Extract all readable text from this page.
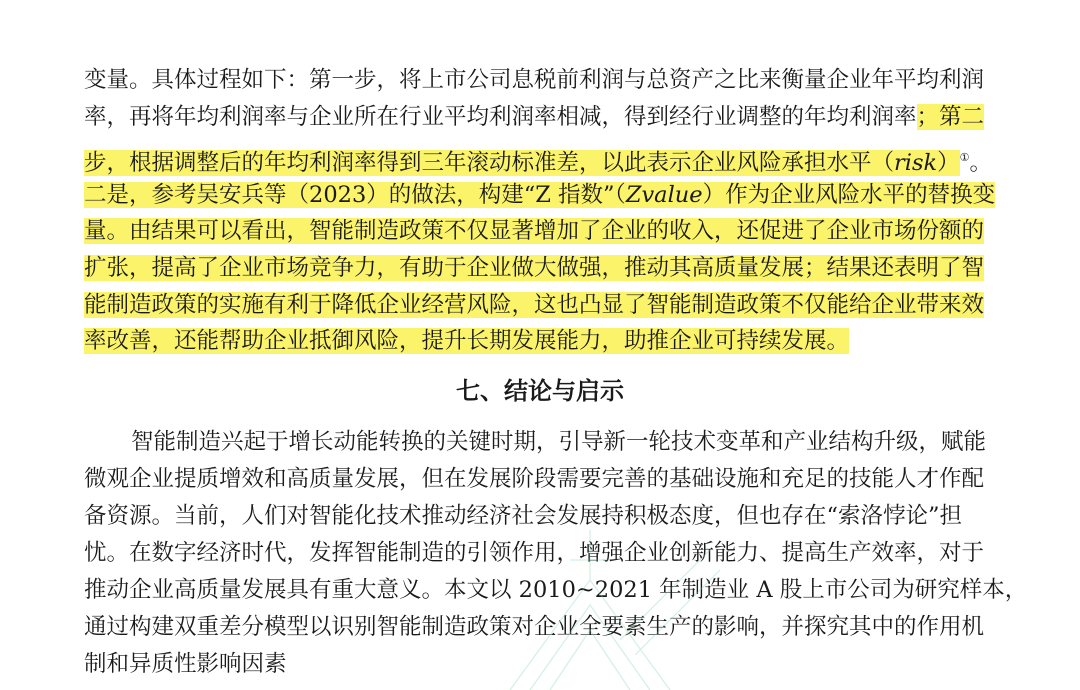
变量。具体过程如下：第一步，将上市公司息税前利润与总资产之比来衡量企业年平均利润
率，再将年均利润率与企业所在行业平均利润率相减，得到经行业调整的年均利润率；第二
步，根据调整后的年均利润率得到三年滚动标准差，以此表示企业风险承担水平（risk）①。
二是，参考吴安兵等（2023）的做法，构建“Z 指数”（Zvalue）作为企业风险水平的替换变
量。由结果可以看出，智能制造政策不仅显著增加了企业的收入，还促进了企业市场份额的
扩张，提高了企业市场竞争力，有助于企业做大做强，推动其高质量发展；结果还表明了智
能制造政策的实施有利于降低企业经营风险，这也凸显了智能制造政策不仅能给企业带来效
率改善，还能帮助企业抵御风险，提升长期发展能力，助推企业可持续发展。
七、结论与启示
智能制造兴起于增长动能转换的关键时期，引导新一轮技术变革和产业结构升级，赋能
微观企业提质增效和高质量发展，但在发展阶段需要完善的基础设施和充足的技能人才作配
备资源。当前，人们对智能化技术推动经济社会发展持积极态度，但也存在“索洛悖论”担
忧。在数字经济时代，发挥智能制造的引领作用，增强企业创新能力、提高生产效率，对于
推动企业高质量发展具有重大意义。本文以 2010~2021 年制造业 A 股上市公司为研究样本，
通过构建双重差分模型以识别智能制造政策对企业全要素生产的影响，并探究其中的作用机
制和异质性影响因素
